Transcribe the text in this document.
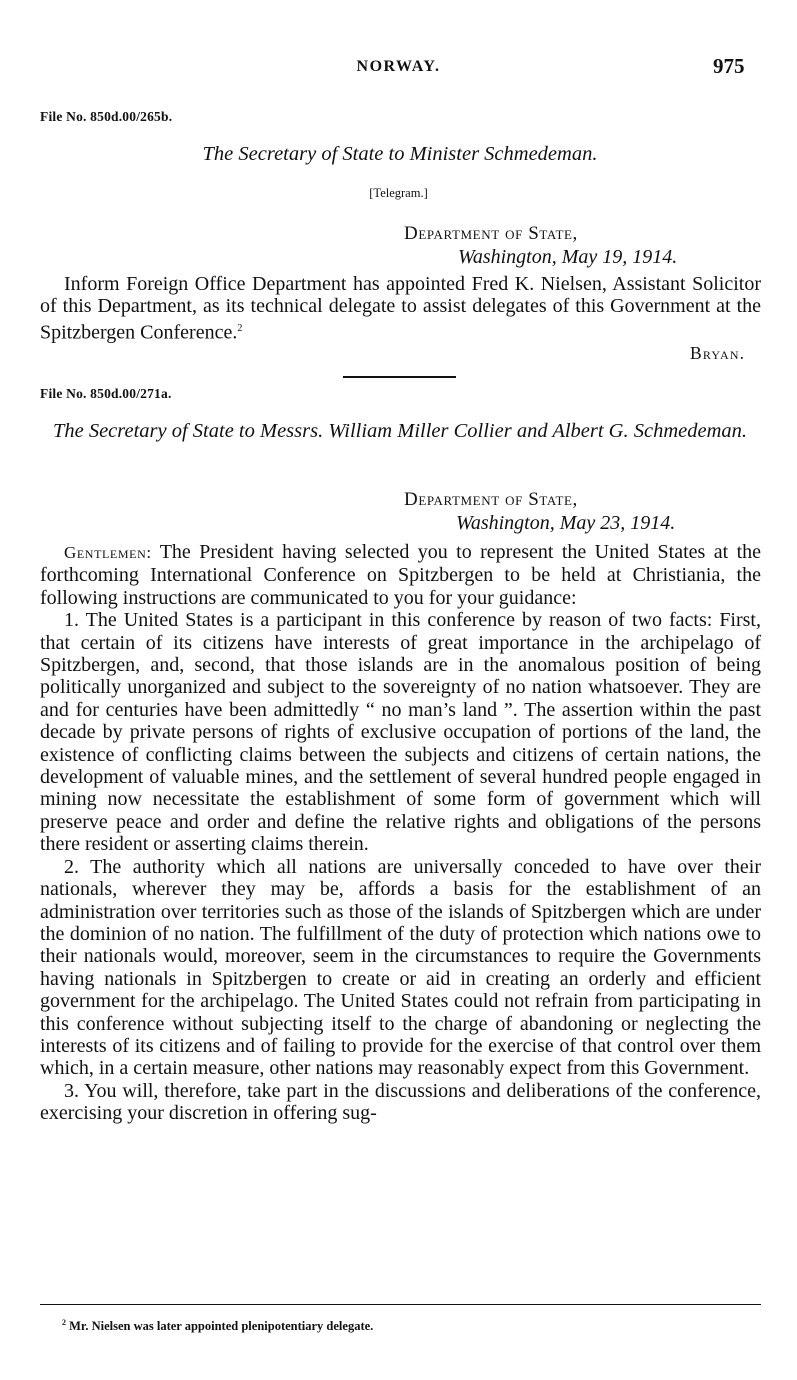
NORWAY.	975
File No. 850d.00/265b.
The Secretary of State to Minister Schmedeman.
[Telegram.]
Department of State,
Washington, May 19, 1914.

Inform Foreign Office Department has appointed Fred K. Nielsen, Assistant Solicitor of this Department, as its technical delegate to assist delegates of this Government at the Spitzbergen Conference.$^2$

Bryan.
File No. 850d.00/271a.
The Secretary of State to Messrs. William Miller Collier and Albert G. Schmedeman.
Department of State,
Washington, May 23, 1914.

Gentlemen: The President having selected you to represent the United States at the forthcoming International Conference on Spitzbergen to be held at Christiania, the following instructions are communicated to you for your guidance:

1. The United States is a participant in this conference by reason of two facts: First, that certain of its citizens have interests of great importance in the archipelago of Spitzbergen, and, second, that those islands are in the anomalous position of being politically unorganized and subject to the sovereignty of no nation whatsoever. They are and for centuries have been admittedly “ no man’s land ”. The assertion within the past decade by private persons of rights of exclusive occupation of portions of the land, the existence of conflicting claims between the subjects and citizens of certain nations, the development of valuable mines, and the settlement of several hundred people engaged in mining now necessitate the establishment of some form of government which will preserve peace and order and define the relative rights and obligations of the persons there resident or asserting claims therein.

2. The authority which all nations are universally conceded to have over their nationals, wherever they may be, affords a basis for the establishment of an administration over territories such as those of the islands of Spitzbergen which are under the dominion of no nation. The fulfillment of the duty of protection which nations owe to their nationals would, moreover, seem in the circumstances to require the Governments having nationals in Spitzbergen to create or aid in creating an orderly and efficient government for the archipelago. The United States could not refrain from participating in this conference without subjecting itself to the charge of abandoning or neglecting the interests of its citizens and of failing to provide for the exercise of that control over them which, in a certain measure, other nations may reasonably expect from this Government.

3. You will, therefore, take part in the discussions and deliberations of the conference, exercising your discretion in offering sug-

$^2$ Mr. Nielsen was later appointed plenipotentiary delegate.
